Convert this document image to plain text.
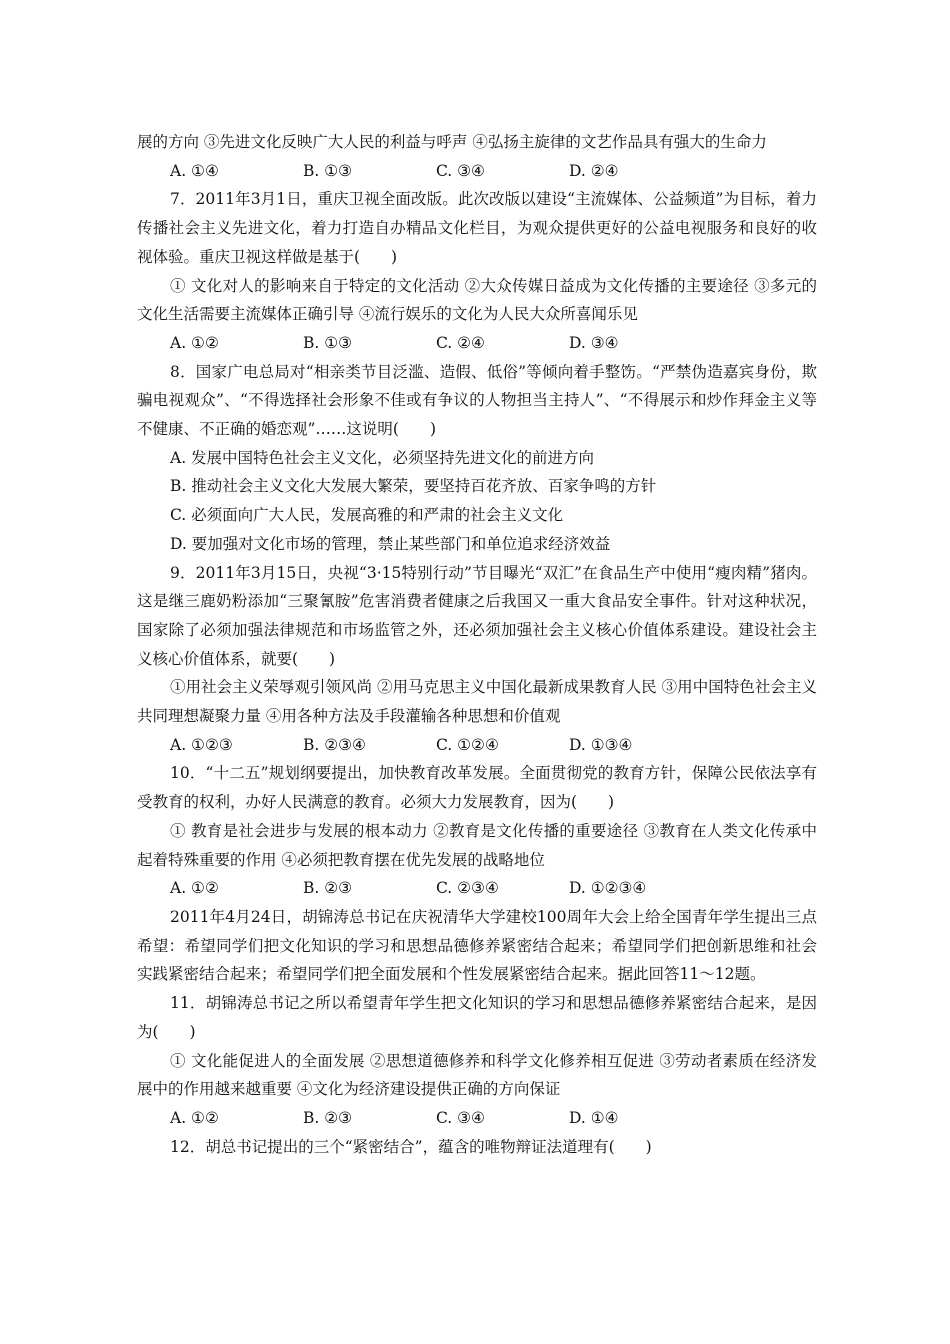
展的方向 ③先进文化反映广大人民的利益与呼声 ④弘扬主旋律的文艺作品具有强大的生命力

A. ①④	B. ①③	C. ③④	D. ②④

7．2011年3月1日，重庆卫视全面改版。此次改版以建设“主流媒体、公益频道”为目标，着力传播社会主义先进文化，着力打造自办精品文化栏目，为观众提供更好的公益电视服务和良好的收视体验。重庆卫视这样做是基于(　　)

① 文化对人的影响来自于特定的文化活动 ②大众传媒日益成为文化传播的主要途径 ③多元的文化生活需要主流媒体正确引导 ④流行娱乐的文化为人民大众所喜闻乐见

A. ①②	B. ①③	C. ②④	D. ③④

8．国家广电总局对“相亲类节目泛滥、造假、低俗”等倾向着手整饬。“严禁伪造嘉宾身份，欺骗电视观众”、“不得选择社会形象不佳或有争议的人物担当主持人”、“不得展示和炒作拜金主义等不健康、不正确的婚恋观”……这说明(　　)

A. 发展中国特色社会主义文化，必须坚持先进文化的前进方向

B. 推动社会主义文化大发展大繁荣，要坚持百花齐放、百家争鸣的方针

C. 必须面向广大人民，发展高雅的和严肃的社会主义文化

D. 要加强对文化市场的管理，禁止某些部门和单位追求经济效益

9．2011年3月15日，央视“3·15特别行动”节目曝光“双汇”在食品生产中使用“瘦肉精”猪肉。这是继三鹿奶粉添加“三聚氰胺”危害消费者健康之后我国又一重大食品安全事件。针对这种状况，国家除了必须加强法律规范和市场监管之外，还必须加强社会主义核心价值体系建设。建设社会主义核心价值体系，就要(　　)

①用社会主义荣辱观引领风尚 ②用马克思主义中国化最新成果教育人民 ③用中国特色社会主义共同理想凝聚力量 ④用各种方法及手段灌输各种思想和价值观

A. ①②③	B. ②③④	C. ①②④	D. ①③④

10．“十二五”规划纲要提出，加快教育改革发展。全面贯彻党的教育方针，保障公民依法享有受教育的权利，办好人民满意的教育。必须大力发展教育，因为(　　)

① 教育是社会进步与发展的根本动力 ②教育是文化传播的重要途径 ③教育在人类文化传承中起着特殊重要的作用 ④必须把教育摆在优先发展的战略地位

A. ①②	B. ②③	C. ②③④	D. ①②③④

2011年4月24日，胡锦涛总书记在庆祝清华大学建校100周年大会上给全国青年学生提出三点希望：希望同学们把文化知识的学习和思想品德修养紧密结合起来；希望同学们把创新思维和社会实践紧密结合起来；希望同学们把全面发展和个性发展紧密结合起来。据此回答11～12题。

11．胡锦涛总书记之所以希望青年学生把文化知识的学习和思想品德修养紧密结合起来，是因为(　　)

① 文化能促进人的全面发展 ②思想道德修养和科学文化修养相互促进 ③劳动者素质在经济发展中的作用越来越重要 ④文化为经济建设提供正确的方向保证

A. ①②	B. ②③	C. ③④	D. ①④

12．胡总书记提出的三个“紧密结合”，蕴含的唯物辩证法道理有(　　)
